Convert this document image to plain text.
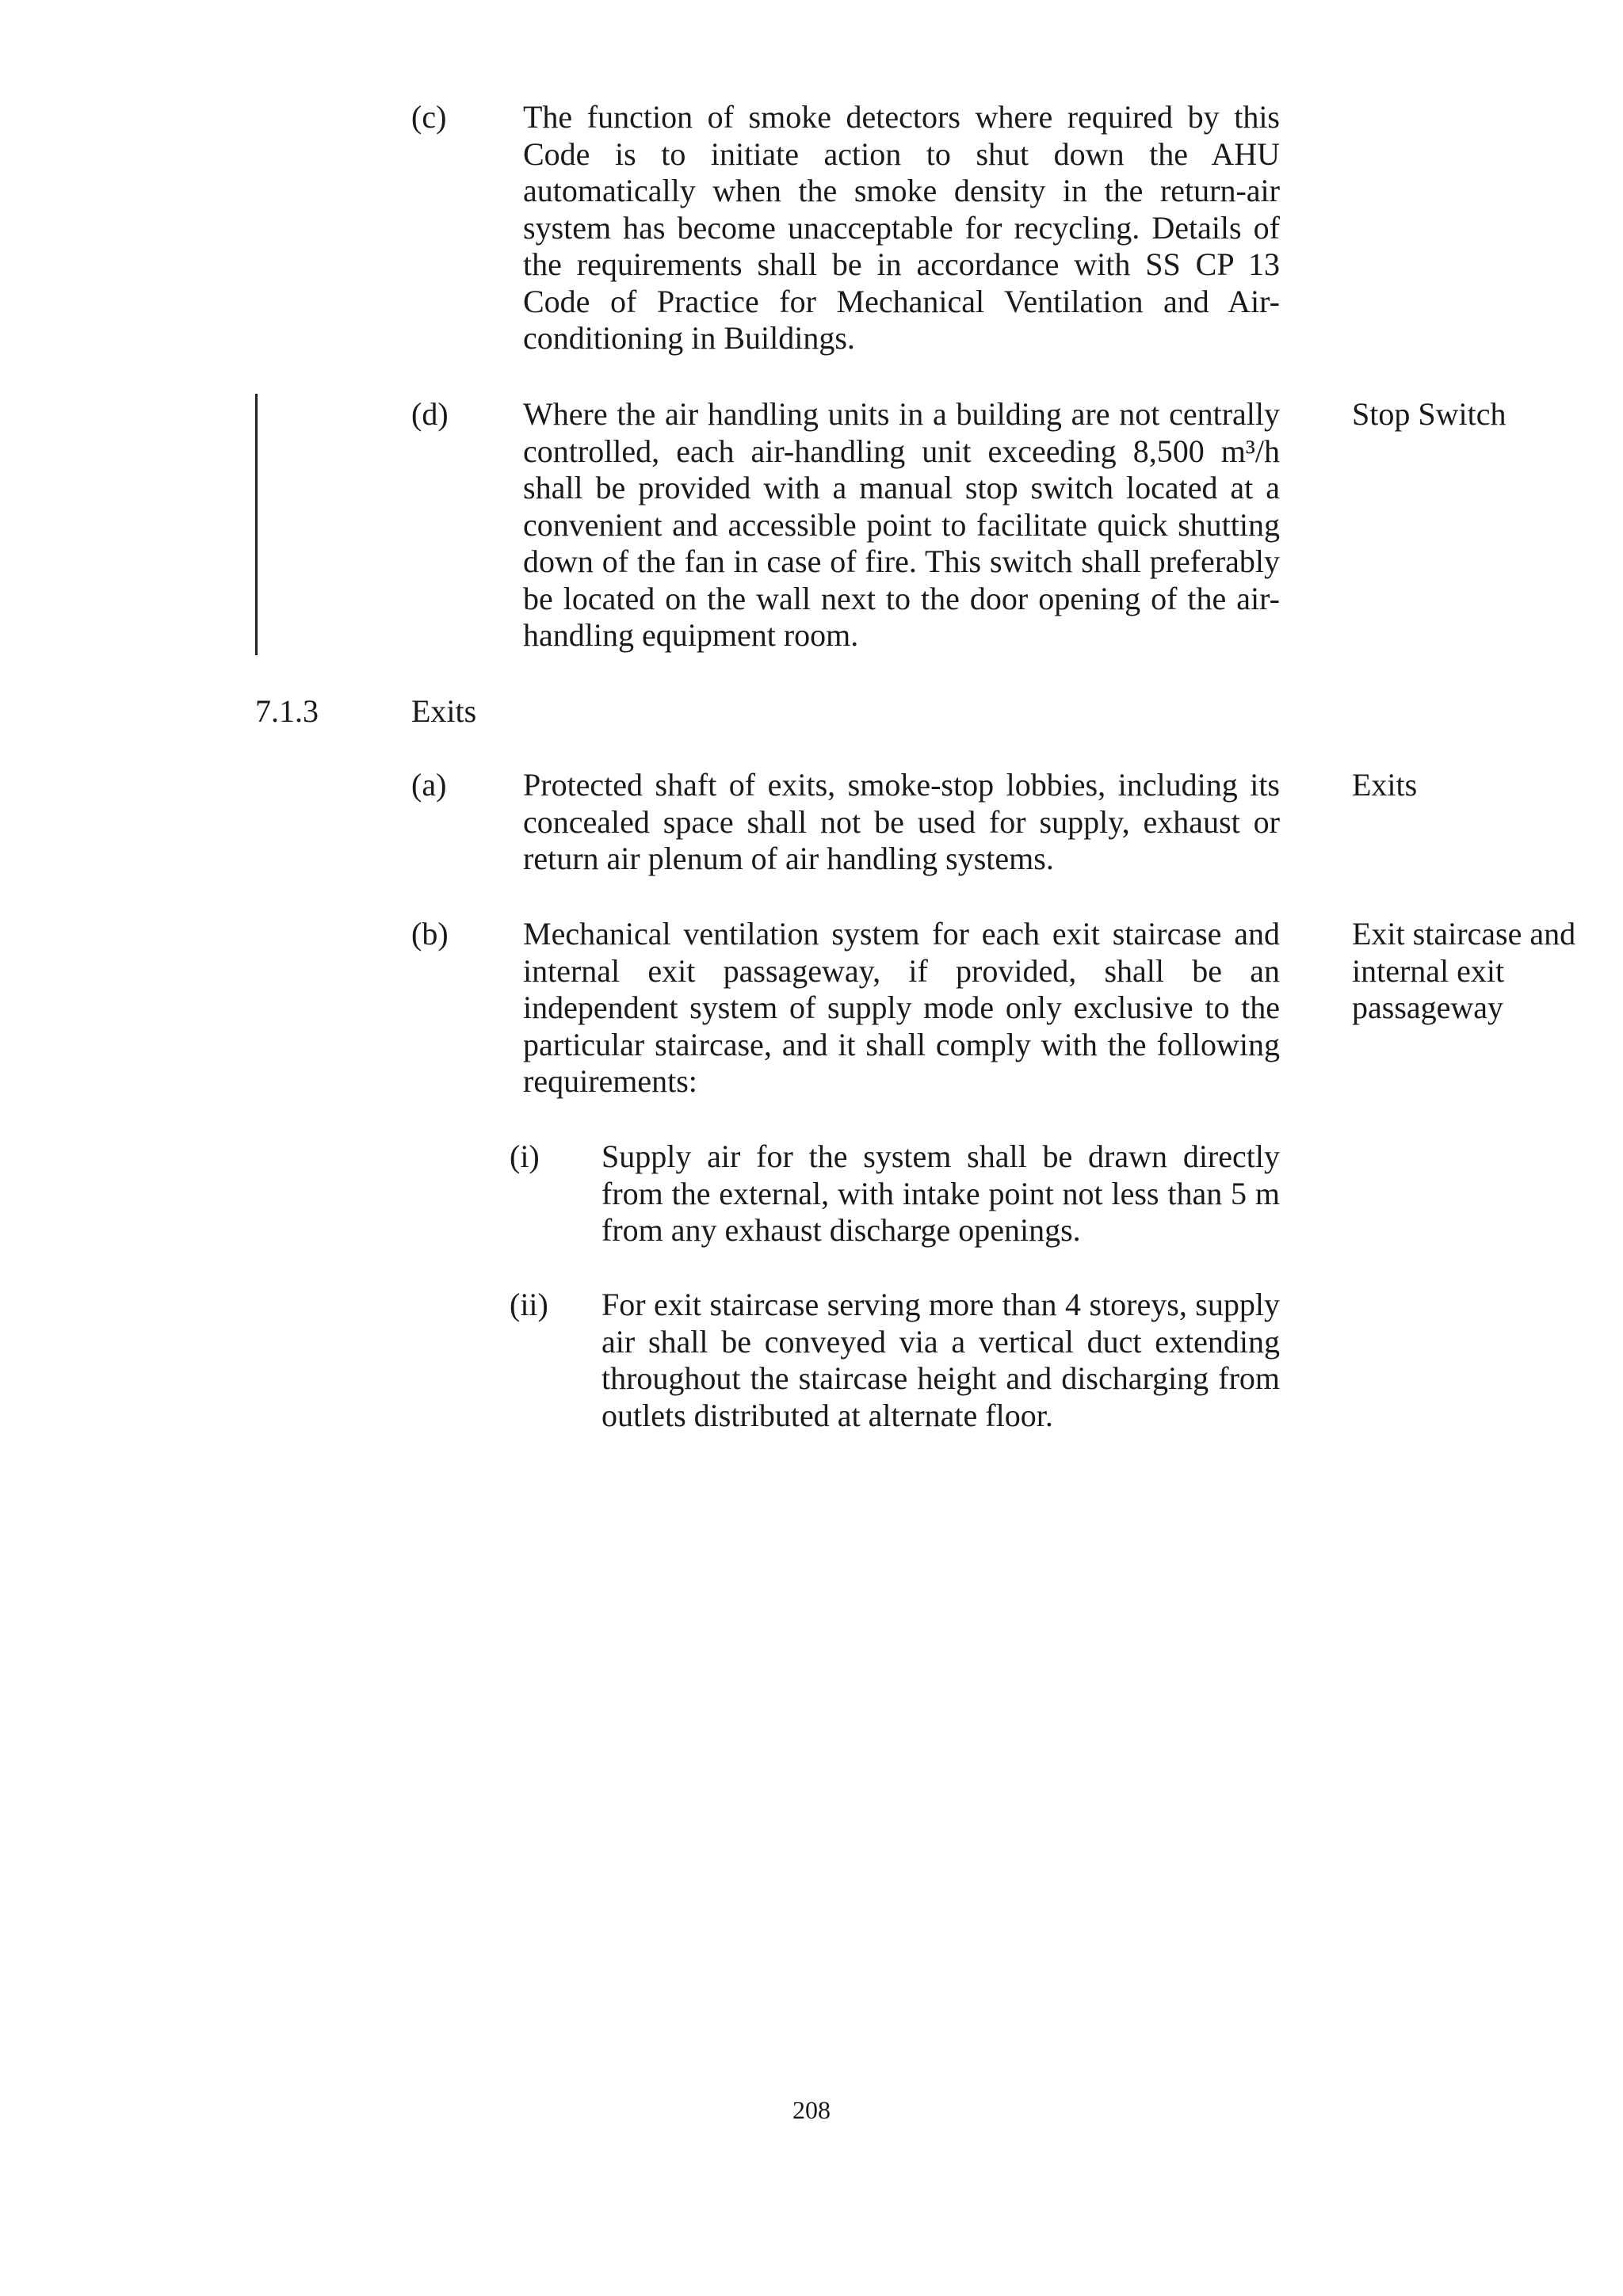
(c) The function of smoke detectors where required by this Code is to initiate action to shut down the AHU automatically when the smoke density in the return-air system has become unacceptable for recycling. Details of the requirements shall be in accordance with SS CP 13 Code of Practice for Mechanical Ventilation and Air-conditioning in Buildings.
(d) Where the air handling units in a building are not centrally controlled, each air-handling unit exceeding 8,500 m³/h shall be provided with a manual stop switch located at a convenient and accessible point to facilitate quick shutting down of the fan in case of fire. This switch shall preferably be located on the wall next to the door opening of the air-handling equipment room.
Stop Switch
7.1.3	Exits
(a) Protected shaft of exits, smoke-stop lobbies, including its concealed space shall not be used for supply, exhaust or return air plenum of air handling systems.
Exits
(b) Mechanical ventilation system for each exit staircase and internal exit passageway, if provided, shall be an independent system of supply mode only exclusive to the particular staircase, and it shall comply with the following requirements:
Exit staircase and internal exit passageway
(i) Supply air for the system shall be drawn directly from the external, with intake point not less than 5 m from any exhaust discharge openings.
(ii) For exit staircase serving more than 4 storeys, supply air shall be conveyed via a vertical duct extending throughout the staircase height and discharging from outlets distributed at alternate floor.
208
